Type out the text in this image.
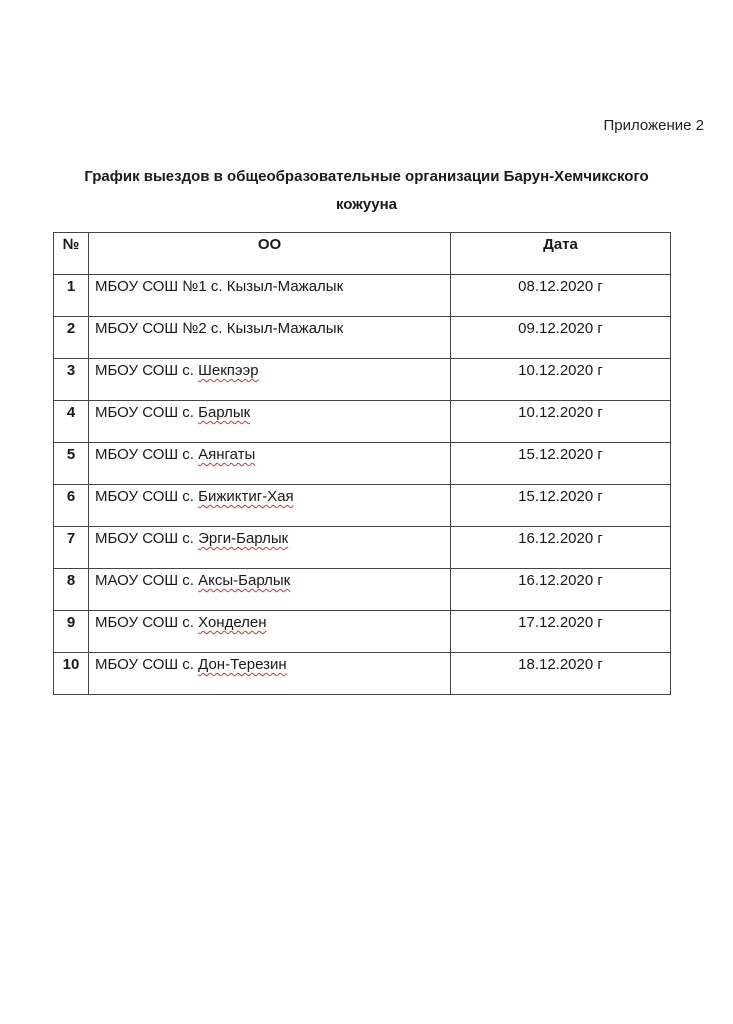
Приложение 2
График выездов в общеобразовательные организации Барун-Хемчикского
кожууна
№	ОО	Дата
1	МБОУ СОШ №1 с. Кызыл-Мажалык	08.12.2020 г
2	МБОУ СОШ №2 с. Кызыл-Мажалык	09.12.2020 г
3	МБОУ СОШ с. Шекпээр	10.12.2020 г
4	МБОУ СОШ с. Барлык	10.12.2020 г
5	МБОУ СОШ с. Аянгаты	15.12.2020 г
6	МБОУ СОШ с. Бижиктиг-Хая	15.12.2020 г
7	МБОУ СОШ с. Эрги-Барлык	16.12.2020 г
8	МАОУ СОШ с. Аксы-Барлык	16.12.2020 г
9	МБОУ СОШ с. Хонделен	17.12.2020 г
10	МБОУ СОШ с. Дон-Терезин	18.12.2020 г
